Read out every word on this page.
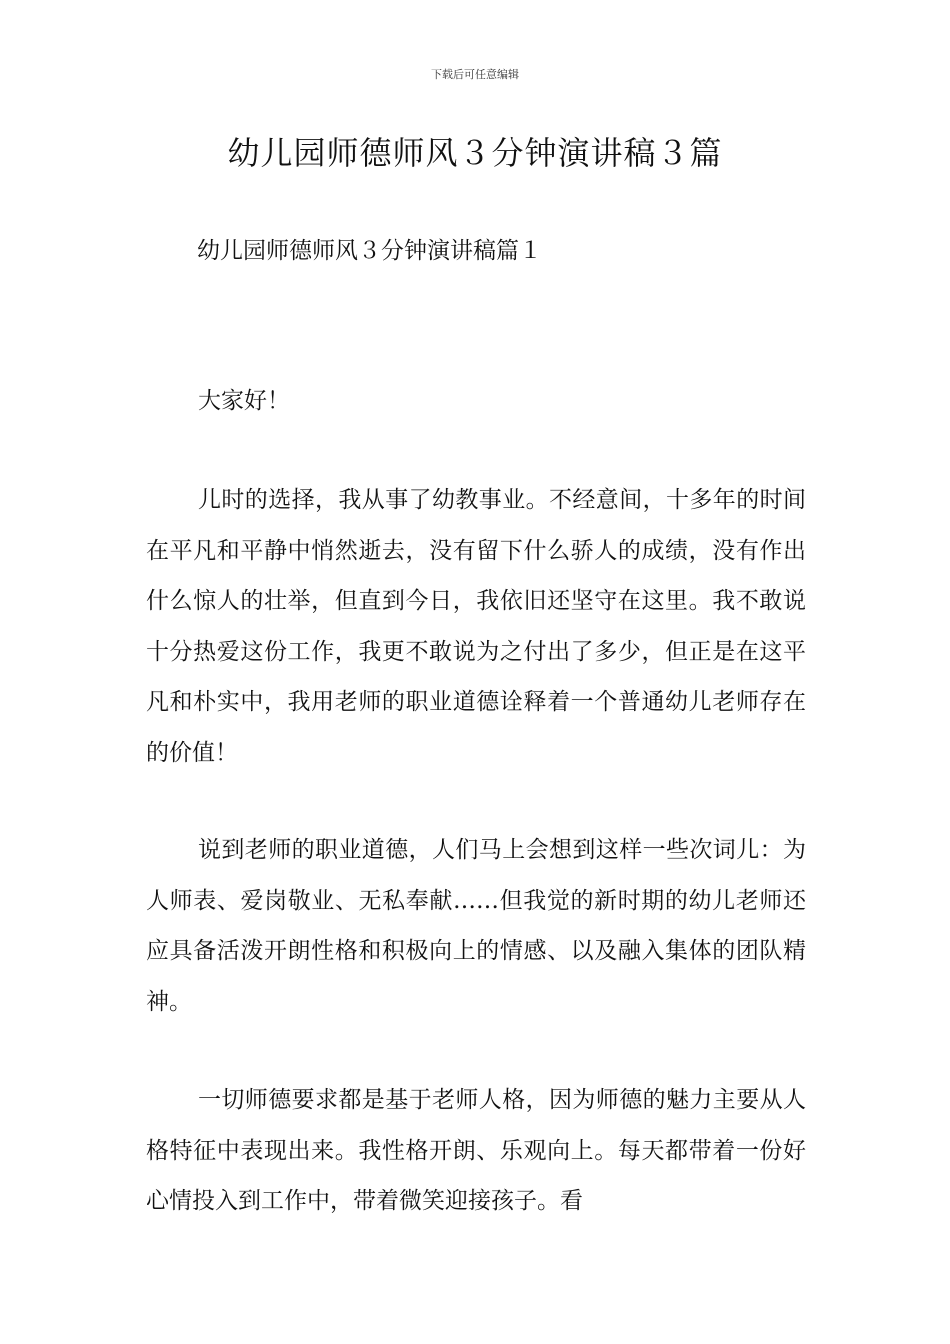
下载后可任意编辑
幼儿园师德师风３分钟演讲稿３篇
幼儿园师德师风３分钟演讲稿篇１

大家好！

儿时的选择，我从事了幼教事业。不经意间，十多年的时间在平凡和平静中悄然逝去，没有留下什么骄人的成绩，没有作出什么惊人的壮举，但直到今日，我依旧还坚守在这里。我不敢说十分热爱这份工作，我更不敢说为之付出了多少，但正是在这平凡和朴实中，我用老师的职业道德诠释着一个普通幼儿老师存在的价值！

说到老师的职业道德，人们马上会想到这样一些次词儿：为人师表、爱岗敬业、无私奉献……但我觉的新时期的幼儿老师还应具备活泼开朗性格和积极向上的情感、以及融入集体的团队精神。

一切师德要求都是基于老师人格，因为师德的魅力主要从人格特征中表现出来。我性格开朗、乐观向上。每天都带着一份好心情投入到工作中，带着微笑迎接孩子。看
